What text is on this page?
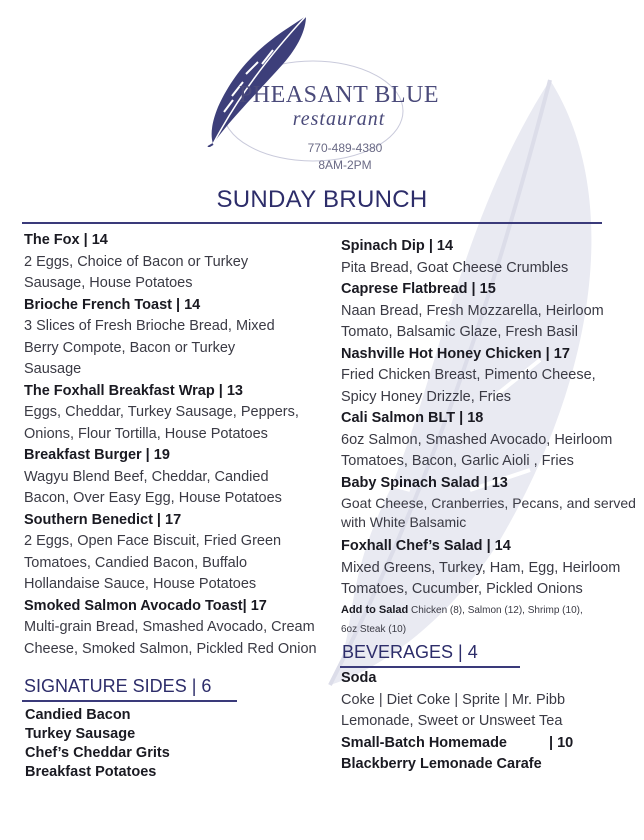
PHEASANT BLUE
restaurant
770-489-4380
8AM-2PM
SUNDAY BRUNCH
The Fox | 14
2 Eggs, Choice of Bacon or Turkey
Sausage, House Potatoes
Brioche French Toast | 14
3 Slices of Fresh Brioche Bread, Mixed
Berry Compote, Bacon or Turkey
Sausage
The Foxhall Breakfast Wrap | 13
Eggs, Cheddar, Turkey Sausage, Peppers,
Onions, Flour Tortilla, House Potatoes
Breakfast Burger | 19
Wagyu Blend Beef, Cheddar, Candied
Bacon, Over Easy Egg, House Potatoes
Southern Benedict | 17
2 Eggs, Open Face Biscuit, Fried Green
Tomatoes, Candied Bacon, Buffalo
Hollandaise Sauce, House Potatoes
Smoked Salmon Avocado Toast| 17
Multi-grain Bread, Smashed Avocado, Cream
Cheese, Smoked Salmon, Pickled Red Onion
Spinach Dip | 14
Pita Bread, Goat Cheese Crumbles
Caprese Flatbread | 15
Naan Bread, Fresh Mozzarella, Heirloom
Tomato, Balsamic Glaze, Fresh Basil
Nashville Hot Honey Chicken | 17
Fried Chicken Breast, Pimento Cheese,
Spicy Honey Drizzle, Fries
Cali Salmon BLT | 18
6oz Salmon, Smashed Avocado, Heirloom
Tomatoes, Bacon, Garlic Aioli , Fries
Baby Spinach Salad | 13
Goat Cheese, Cranberries, Pecans, and served
with White Balsamic
Foxhall Chef’s Salad | 14
Mixed Greens, Turkey, Ham, Egg, Heirloom
Tomatoes, Cucumber, Pickled Onions
Add to Salad Chicken (8), Salmon (12), Shrimp (10),
6oz Steak (10)
BEVERAGES | 4
Soda
Coke | Diet Coke | Sprite | Mr. Pibb
Lemonade, Sweet or Unsweet Tea
Small-Batch Homemade	| 10
Blackberry Lemonade Carafe
SIGNATURE SIDES | 6
Candied Bacon
Turkey Sausage
Chef’s Cheddar Grits
Breakfast Potatoes
